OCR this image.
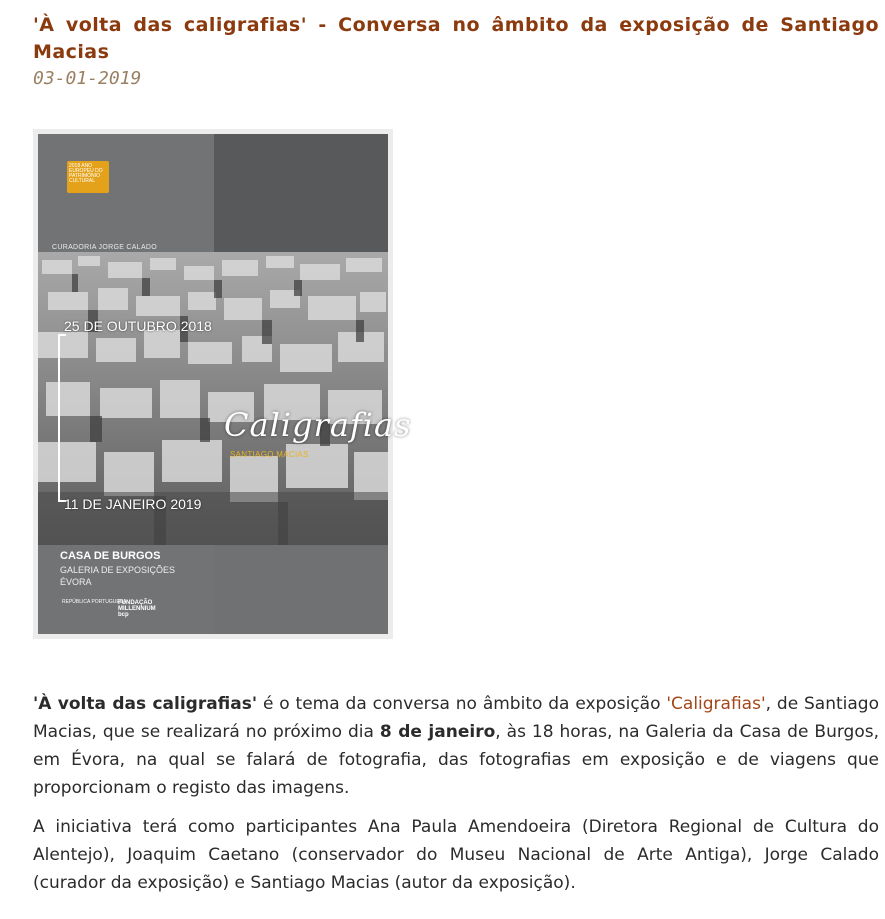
'À volta das caligrafias' - Conversa no âmbito da exposição de Santiago Macias
03-01-2019
2018 ANO EUROPEU DO PATRIMÓNIO CULTURAL
CURADORIA JORGE CALADO
25 DE OUTUBRO 2018
11 DE JANEIRO 2019
Caligrafias
SANTIAGO MACIAS
CASA DE BURGOS
GALERIA DE EXPOSIÇÕES
ÉVORA
REPÚBLICA PORTUGUESA
FUNDAÇÃO
MILLENNIUM
bcp

'À volta das caligrafias' é o tema da conversa no âmbito da exposição 'Caligrafias', de Santiago Macias, que se realizará no próximo dia 8 de janeiro, às 18 horas, na Galeria da Casa de Burgos, em Évora, na qual se falará de fotografia, das fotografias em exposição e de viagens que proporcionam o registo das imagens.

A iniciativa terá como participantes Ana Paula Amendoeira (Diretora Regional de Cultura do Alentejo), Joaquim Caetano (conservador do Museu Nacional de Arte Antiga), Jorge Calado (curador da exposição) e Santiago Macias (autor da exposição).
